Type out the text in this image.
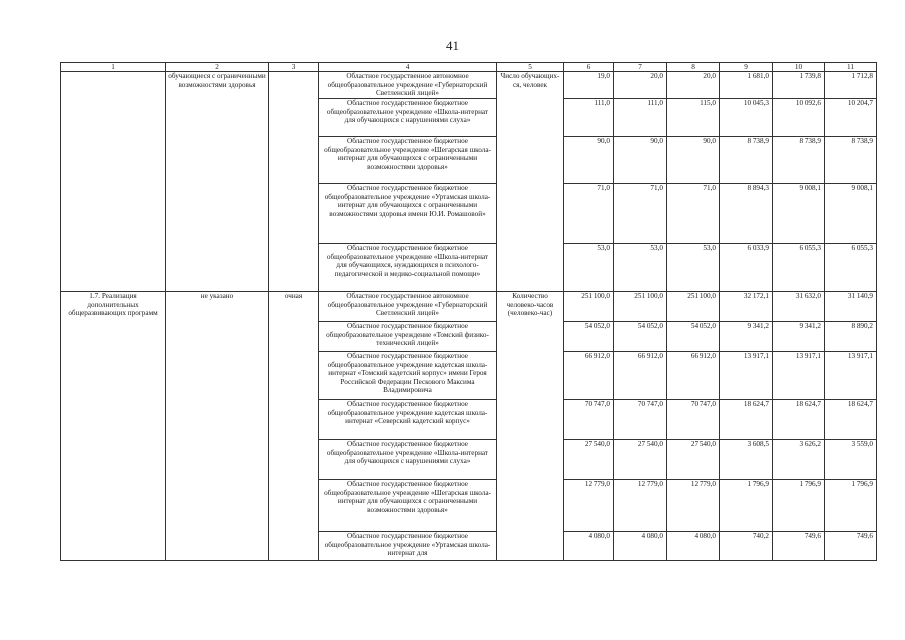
41
1	2	3	4	5	6	7	8	9	10	11
	обучающиеся с ограниченными возможностями здоровья		Областное государственное автономное общеобразовательное учреждение «Губернаторский Светленский лицей»	Число обучающих-ся, человек	19,0	20,0	20,0	1 681,0	1 739,8	1 712,8
			Областное государственное бюджетное общеобразовательное учреждение «Школа-интернат для обучающихся с нарушениями слуха»		111,0	111,0	115,0	10 045,3	10 092,6	10 204,7
			Областное государственное бюджетное общеобразовательное учреждение «Шегарская школа-интернат для обучающихся с ограниченными возможностями здоровья»		90,0	90,0	90,0	8 738,9	8 738,9	8 738,9
			Областное государственное бюджетное общеобразовательное учреждение «Уртамская школа-интернат для обучающихся с ограниченными возможностями здоровья имени Ю.И. Ромашовой»		71,0	71,0	71,0	8 894,3	9 008,1	9 008,1
			Областное государственное бюджетное общеобразовательное учреждение «Школа-интернат для обучающихся, нуждающихся в психолого-педагогической и медико-социальной помощи»		53,0	53,0	53,0	6 033,9	6 055,3	6 055,3
1.7. Реализация дополнительных общеразвивающих программ	не указано	очная	Областное государственное автономное общеобразовательное учреждение «Губернаторский Светленский лицей»	Количество человеко-часов (человеко-час)	251 100,0	251 100,0	251 100,0	32 172,1	31 632,0	31 140,9
			Областное государственное бюджетное общеобразовательное учреждение «Томский физико-технический лицей»		54 052,0	54 052,0	54 052,0	9 341,2	9 341,2	8 890,2
			Областное государственное бюджетное общеобразовательное учреждение кадетская школа-интернат «Томский кадетский корпус» имени Героя Российской Федерации Пескового Максима Владимировича		66 912,0	66 912,0	66 912,0	13 917,1	13 917,1	13 917,1
			Областное государственное бюджетное общеобразовательное учреждение кадетская школа-интернат «Северский кадетский корпус»		70 747,0	70 747,0	70 747,0	18 624,7	18 624,7	18 624,7
			Областное государственное бюджетное общеобразовательное учреждение «Школа-интернат для обучающихся с нарушениями слуха»		27 540,0	27 540,0	27 540,0	3 608,5	3 626,2	3 559,0
			Областное государственное бюджетное общеобразовательное учреждение «Шегарская школа-интернат для обучающихся с ограниченными возможностями здоровья»		12 779,0	12 779,0	12 779,0	1 796,9	1 796,9	1 796,9
			Областное государственное бюджетное общеобразовательное учреждение «Уртамская школа-интернат для		4 080,0	4 080,0	4 080,0	740,2	749,6	749,6
